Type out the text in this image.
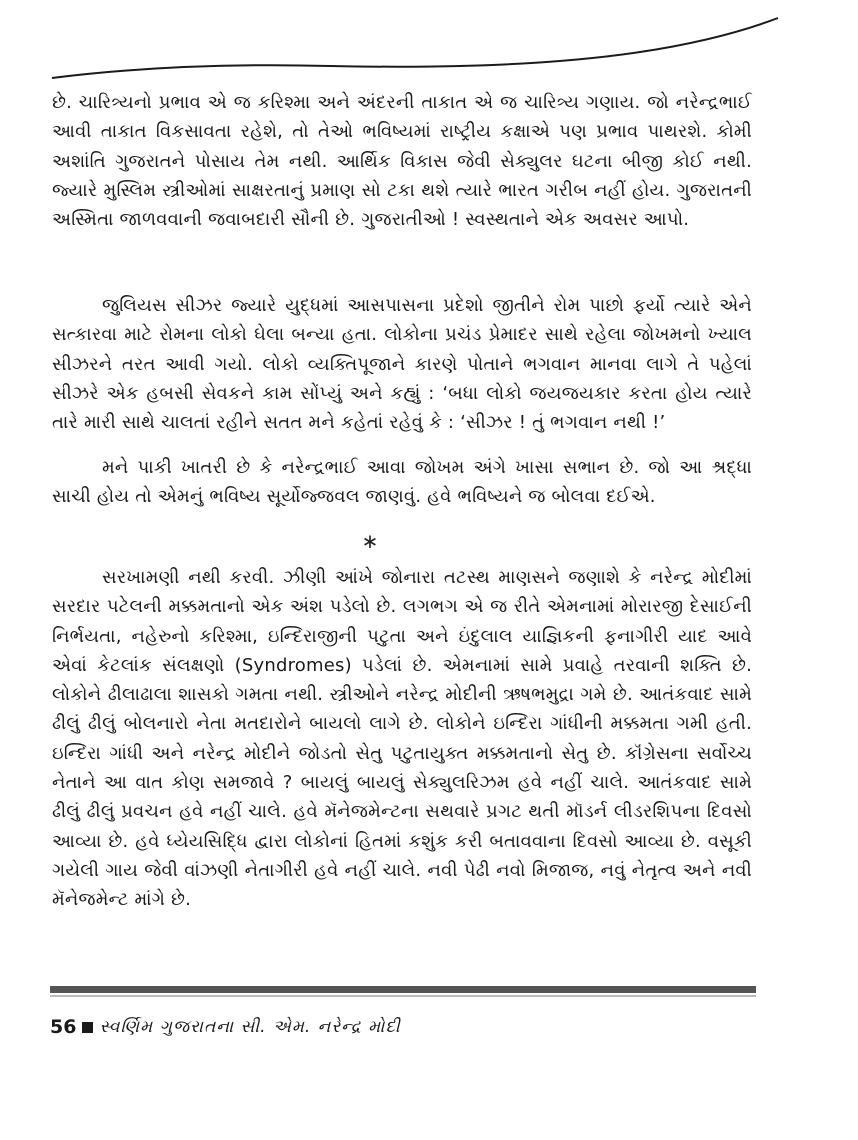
છે. ચારિત્ર્યનો પ્રભાવ એ જ કરિશ્મા અને અંદરની તાકાત એ જ ચારિત્ર્ય ગણાય. જો નરેન્દ્રભાઈ આવી તાકાત વિકસાવતા રહેશે, તો તેઓ ભવિષ્યમાં રાષ્ટ્રીય કક્ષાએ પણ પ્રભાવ પાથરશે. કોમી અશાંતિ ગુજરાતને પોસાય તેમ નથી. આર્થિક વિકાસ જેવી સેક્યુલર ઘટના બીજી કોઈ નથી. જ્યારે મુસ્લિમ સ્ત્રીઓમાં સાક્ષરતાનું પ્રમાણ સો ટકા થશે ત્યારે ભારત ગરીબ નહીં હોય. ગુજરાતની અસ્મિતા જાળવવાની જવાબદારી સૌની છે. ગુજરાતીઓ ! સ્વસ્થતાને એક અવસર આપો.

જુલિયસ સીઝર જ્યારે યુદ્ધમાં આસપાસના પ્રદેશો જીતીને રોમ પાછો ફર્યો ત્યારે એને સત્કારવા માટે રોમના લોકો ઘેલા બન્યા હતા. લોકોના પ્રચંડ પ્રેમાદર સાથે રહેલા જોખમનો ખ્યાલ સીઝરને તરત આવી ગયો. લોકો વ્યક્તિપૂજાને કારણે પોતાને ભગવાન માનવા લાગે તે પહેલાં સીઝરે એક હબસી સેવકને કામ સોંપ્યું અને કહ્યું : ‘બધા લોકો જયજયકાર કરતા હોય ત્યારે તારે મારી સાથે ચાલતાં રહીને સતત મને કહેતાં રહેવું કે : ‘સીઝર ! તું ભગવાન નથી !’

મને પાકી ખાતરી છે કે નરેન્દ્રભાઈ આવા જોખમ અંગે ખાસા સભાન છે. જો આ શ્રદ્ધા સાચી હોય તો એમનું ભવિષ્ય સૂર્યોજ્જવલ જાણવું. હવે ભવિષ્યને જ બોલવા દઈએ.

∗

સરખામણી નથી કરવી. ઝીણી આંખે જોનારા તટસ્થ માણસને જણાશે કે નરેન્દ્ર મોદીમાં સરદાર પટેલની મક્કમતાનો એક અંશ પડેલો છે. લગભગ એ જ રીતે એમનામાં મોરારજી દેસાઈની નિર્ભયતા, નહેરુનો કરિશ્મા, ઇન્દિરાજીની પટુતા અને ઇંદુલાલ યાજ્ઞિકની ફનાગીરી યાદ આવે એવાં કેટલાંક સંલક્ષણો (Syndromes) પડેલાં છે. એમનામાં સામે પ્રવાહે તરવાની શક્તિ છે. લોકોને ઢીલાઢાલા શાસકો ગમતા નથી. સ્ત્રીઓને નરેન્દ્ર મોદીની ઋષભમુદ્રા ગમે છે. આતંકવાદ સામે ઢીલું ઢીલું બોલનારો નેતા મતદારોને બાયલો લાગે છે. લોકોને ઇન્દિરા ગાંધીની મક્કમતા ગમી હતી. ઇન્દિરા ગાંધી અને નરેન્દ્ર મોદીને જોડતો સેતુ પટુતાયુક્ત મક્કમતાનો સેતુ છે. કૉંગ્રેસના સર્વોચ્ચ નેતાને આ વાત કોણ સમજાવે ? બાયલું બાયલું સેક્યુલરિઝમ હવે નહીં ચાલે. આતંકવાદ સામે ઢીલું ઢીલું પ્રવચન હવે નહીં ચાલે. હવે મૅનેજમેન્ટના સથવારે પ્રગટ થતી મૉડર્ન લીડરશિપના દિવસો આવ્યા છે. હવે ધ્યેયસિદ્ધિ દ્વારા લોકોનાં હિતમાં કશુંક કરી બતાવવાના દિવસો આવ્યા છે. વસૂકી ગયેલી ગાય જેવી વાંઝણી નેતાગીરી હવે નહીં ચાલે. નવી પેઢી નવો મિજાજ, નવું નેતૃત્વ અને નવી મૅનેજમેન્ટ માંગે છે.

56 સ્વર્ણિમ ગુજરાતના સી. એમ. નરેન્દ્ર મોદી
